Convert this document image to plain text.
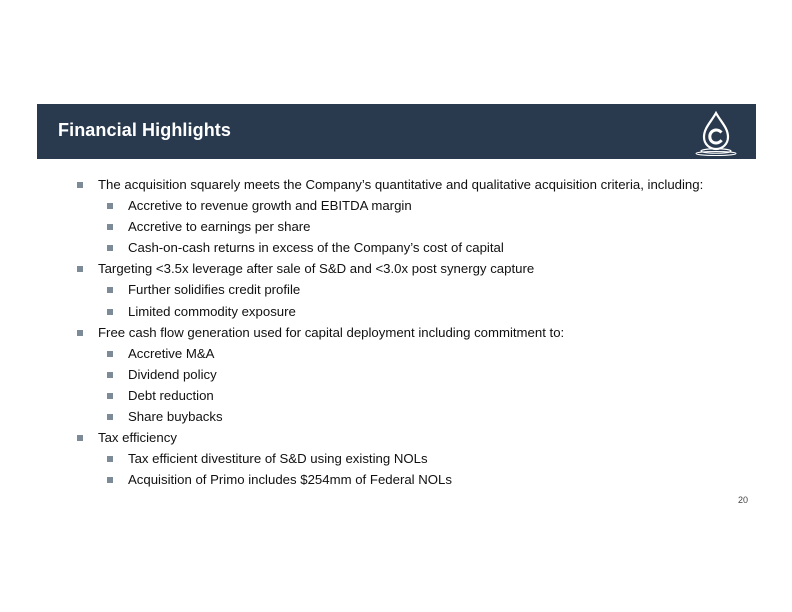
Financial Highlights
The acquisition squarely meets the Company’s quantitative and qualitative acquisition criteria, including:
Accretive to revenue growth and EBITDA margin
Accretive to earnings per share
Cash-on-cash returns in excess of the Company’s cost of capital
Targeting <3.5x leverage after sale of S&D and <3.0x post synergy capture
Further solidifies credit profile
Limited commodity exposure
Free cash flow generation used for capital deployment including commitment to:
Accretive M&A
Dividend policy
Debt reduction
Share buybacks
Tax efficiency
Tax efficient divestiture of S&D using existing NOLs
Acquisition of Primo includes $254mm of Federal NOLs
20
